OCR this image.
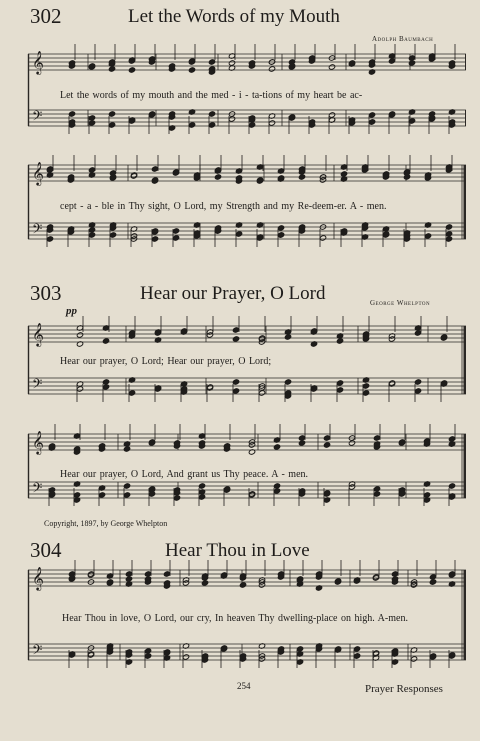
302	Let the Words of my Mouth
Adolph Baumbach
𝄞
𝄢
Let the words of my mouth and the med - i - ta-tions of my heart be ac-
𝄞
𝄢
cept - a - ble in Thy sight, O Lord, my Strength and my Re-deem-er. A - men.
303	Hear our Prayer, O Lord	George Whelpton
pp
𝄞
𝄢
Hear our prayer, O Lord; Hear our prayer, O Lord;
𝄞
𝄢
Hear our prayer, O Lord, And grant us Thy peace. A - men.
Copyright, 1897, by George Whelpton
304	Hear Thou in Love
𝄞
𝄢
Hear Thou in love, O Lord, our cry, In heaven Thy dwelling-place on high. A-men.
254	Prayer Responses
